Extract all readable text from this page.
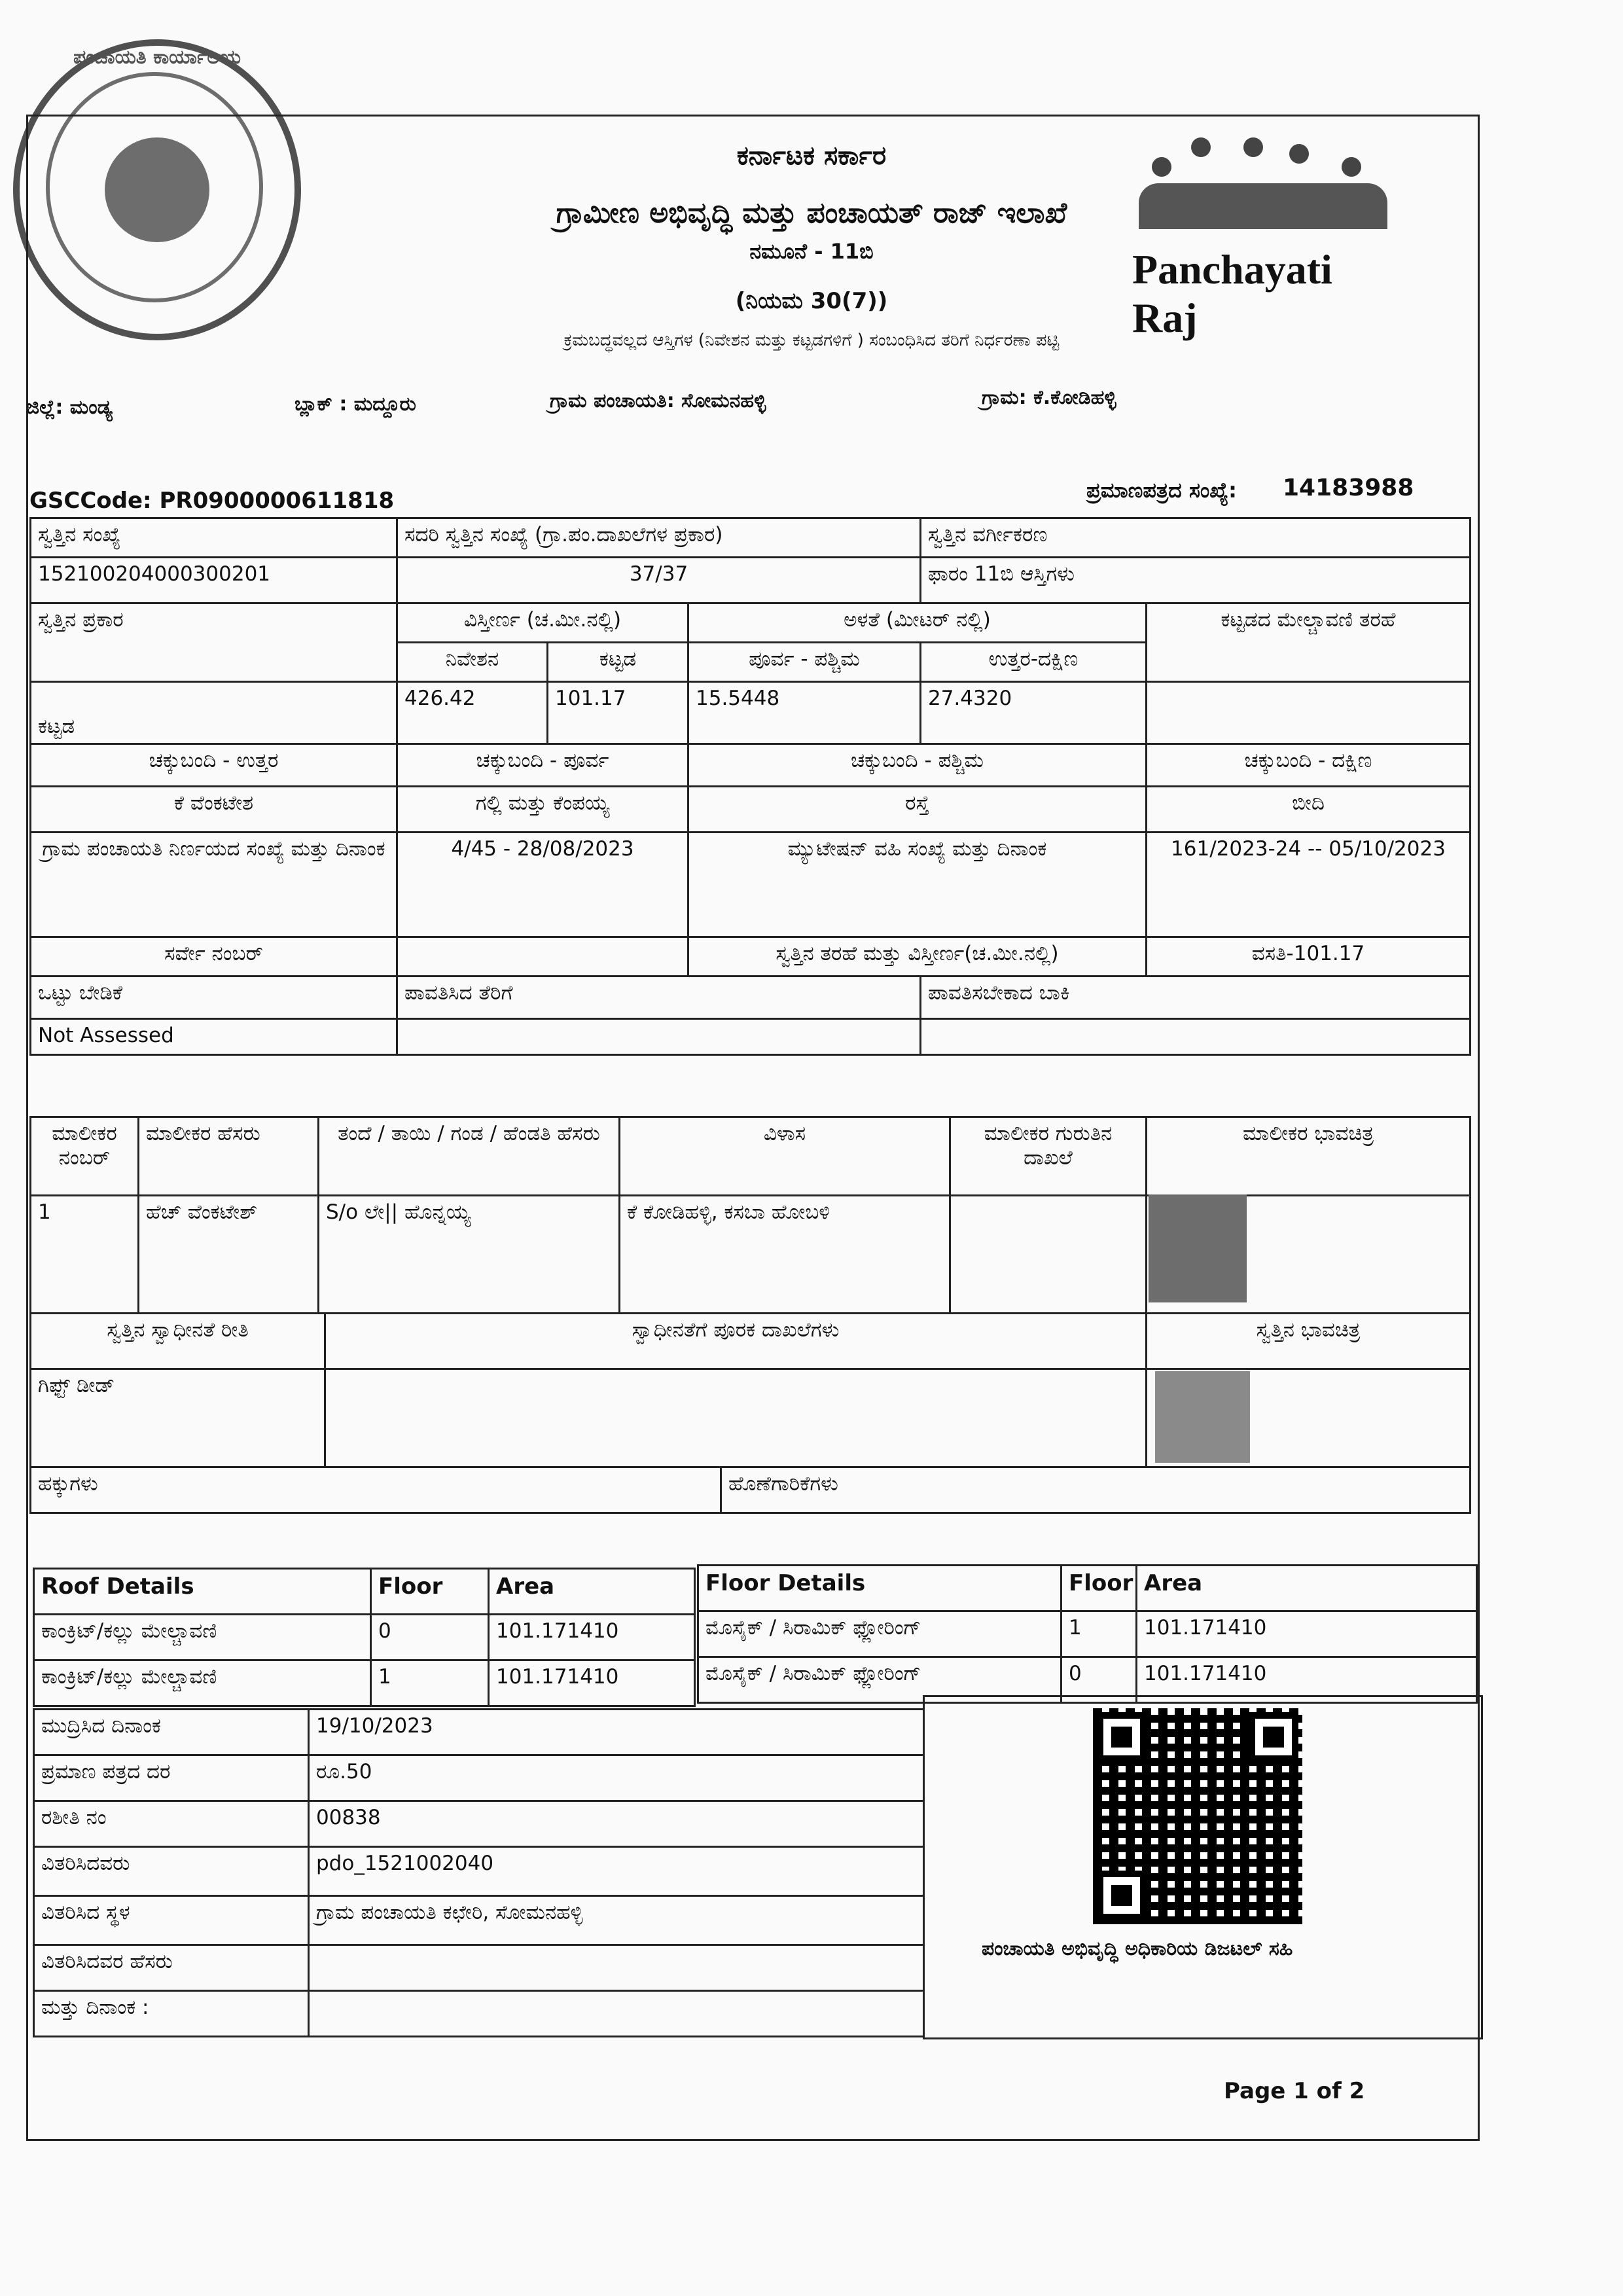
ಪಂಚಾಯತಿ ಕಾರ್ಯಾಲಯ
Panchayati Raj
ಕರ್ನಾಟಕ ಸರ್ಕಾರ
ಗ್ರಾಮೀಣ ಅಭಿವೃದ್ಧಿ ಮತ್ತು ಪಂಚಾಯತ್ ರಾಜ್ ಇಲಾಖೆ
ನಮೂನೆ - 11ಬಿ
(ನಿಯಮ 30(7))
ಕ್ರಮಬದ್ಧವಲ್ಲದ ಆಸ್ತಿಗಳ (ನಿವೇಶನ ಮತ್ತು ಕಟ್ಟಡಗಳಿಗೆ ) ಸಂಬಂಧಿಸಿದ ತರಿಗೆ ನಿರ್ಧರಣಾ ಪಟ್ಟಿ
ಜಿಲ್ಲೆ: ಮಂಡ್ಯ	ಬ್ಲಾಕ್ : ಮದ್ದೂರು	ಗ್ರಾಮ ಪಂಚಾಯತಿ: ಸೋಮನಹಳ್ಳಿ	ಗ್ರಾಮ: ಕೆ.ಕೋಡಿಹಳ್ಳಿ
GSCCode: PR0900000611818	ಪ್ರಮಾಣಪತ್ರದ ಸಂಖ್ಯೆ: 14183988
ಸ್ವತ್ತಿನ ಸಂಖ್ಯೆ	ಸದರಿ ಸ್ವತ್ತಿನ ಸಂಖ್ಯೆ (ಗ್ರಾ.ಪಂ.ದಾಖಲೆಗಳ ಪ್ರಕಾರ)			ಸ್ವತ್ತಿನ ವರ್ಗೀಕರಣ	
152100204000300201	37/37			ಫಾರಂ 11ಬಿ ಆಸ್ತಿಗಳು	
ಸ್ವತ್ತಿನ ಪ್ರಕಾರ	ವಿಸ್ತೀರ್ಣ (ಚ.ಮೀ.ನಲ್ಲಿ)		ಅಳತೆ (ಮೀಟರ್ ನಲ್ಲಿ)		ಕಟ್ಟಡದ ಮೇಲ್ಚಾವಣಿ ತರಹೆ
	ನಿವೇಶನ	ಕಟ್ಟಡ	ಪೂರ್ವ - ಪಶ್ಚಿಮ	ಉತ್ತರ-ದಕ್ಷಿಣ	
ಕಟ್ಟಡ	426.42	101.17	15.5448	27.4320	
ಚಕ್ಕುಬಂದಿ - ಉತ್ತರ	ಚಕ್ಕುಬಂದಿ - ಪೂರ್ವ		ಚಕ್ಕುಬಂದಿ - ಪಶ್ಚಿಮ		ಚಕ್ಕುಬಂದಿ - ದಕ್ಷಿಣ
ಕೆ ವೆಂಕಟೇಶ	ಗಲ್ಲಿ ಮತ್ತು ಕೆಂಪಯ್ಯ		ರಸ್ತೆ		ಬೀದಿ
ಗ್ರಾಮ ಪಂಚಾಯತಿ ನಿರ್ಣಯದ ಸಂಖ್ಯೆ ಮತ್ತು ದಿನಾಂಕ	4/45 - 28/08/2023		ಮ್ಯುಟೇಷನ್ ವಹಿ ಸಂಖ್ಯೆ ಮತ್ತು ದಿನಾಂಕ		161/2023-24 -- 05/10/2023
ಸರ್ವೇ ನಂಬರ್			ಸ್ವತ್ತಿನ ತರಹೆ ಮತ್ತು ವಿಸ್ತೀರ್ಣ(ಚ.ಮೀ.ನಲ್ಲಿ)		ವಸತಿ-101.17
ಒಟ್ಟು ಬೇಡಿಕೆ	ಪಾವತಿಸಿದ ತೆರಿಗೆ			ಪಾವತಿಸಬೇಕಾದ ಬಾಕಿ	
Not Assessed					
ಮಾಲೀಕರ ನಂಬರ್	ಮಾಲೀಕರ ಹೆಸರು	ತಂದೆ / ತಾಯಿ / ಗಂಡ / ಹೆಂಡತಿ ಹೆಸರು	ವಿಳಾಸ	ಮಾಲೀಕರ ಗುರುತಿನ ದಾಖಲೆ	ಮಾಲೀಕರ ಭಾವಚಿತ್ರ
1	ಹೆಚ್ ವೆಂಕಟೇಶ್	S/o ಲೇ|| ಹೊನ್ನಯ್ಯ	ಕೆ ಕೋಡಿಹಳ್ಳಿ, ಕಸಬಾ ಹೋಬಳಿ		
ಸ್ವತ್ತಿನ ಸ್ವಾಧೀನತೆ ರೀತಿ	ಸ್ವಾಧೀನತೆಗೆ ಪೂರಕ ದಾಖಲೆಗಳು		ಸ್ವತ್ತಿನ ಭಾವಚಿತ್ರ
ಗಿಫ್ಟ್ ಡೀಡ್			
ಹಕ್ಕುಗಳು		ಹೊಣೆಗಾರಿಕೆಗಳು	
Roof Details	Floor	Area
ಕಾಂಕ್ರಿಟ್/ಕಲ್ಲು ಮೇಲ್ಚಾವಣಿ	0	101.171410
ಕಾಂಕ್ರಿಟ್/ಕಲ್ಲು ಮೇಲ್ಚಾವಣಿ	1	101.171410
Floor Details	Floor	Area
ಮೊಸೈಕ್ / ಸಿರಾಮಿಕ್ ಫ್ಲೋರಿಂಗ್	1	101.171410
ಮೊಸೈಕ್ / ಸಿರಾಮಿಕ್ ಫ್ಲೋರಿಂಗ್	0	101.171410
ಮುದ್ರಿಸಿದ ದಿನಾಂಕ	19/10/2023
ಪ್ರಮಾಣ ಪತ್ರದ ದರ	ರೂ.50
ರಶೀತಿ ನಂ	00838
ವಿತರಿಸಿದವರು	pdo_1521002040
ವಿತರಿಸಿದ ಸ್ಥಳ	ಗ್ರಾಮ ಪಂಚಾಯತಿ ಕಛೇರಿ, ಸೋಮನಹಳ್ಳಿ
ವಿತರಿಸಿದವರ ಹೆಸರು	
ಮತ್ತು ದಿನಾಂಕ :	
ಪಂಚಾಯತಿ ಅಭಿವೃದ್ಧಿ ಅಧಿಕಾರಿಯ ಡಿಜಟಲ್ ಸಹಿ
Page 1 of 2
